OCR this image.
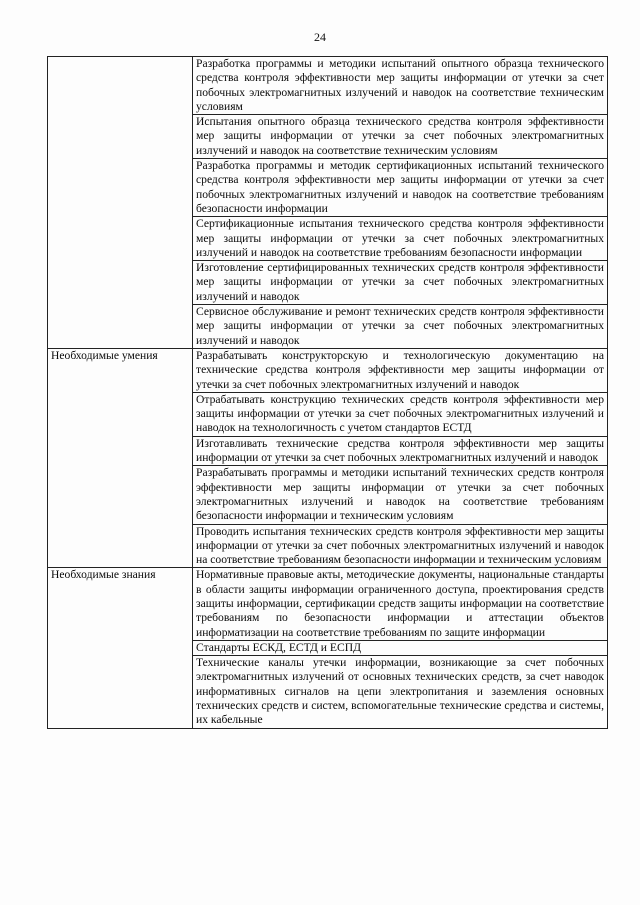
24
	Разработка программы и методики испытаний опытного образца технического средства контроля эффективности мер защиты информации от утечки за счет побочных электромагнитных излучений и наводок на соответствие техническим условиям
	Испытания опытного образца технического средства контроля эффективности мер защиты информации от утечки за счет побочных электромагнитных излучений и наводок на соответствие техническим условиям
	Разработка программы и методик сертификационных испытаний технического средства контроля эффективности мер защиты информации от утечки за счет побочных электромагнитных излучений и наводок на соответствие требованиям безопасности информации
	Сертификационные испытания технического средства контроля эффективности мер защиты информации от утечки за счет побочных электромагнитных излучений и наводок на соответствие требованиям безопасности информации
	Изготовление сертифицированных технических средств контроля эффективности мер защиты информации от утечки за счет побочных электромагнитных излучений и наводок
	Сервисное обслуживание и ремонт технических средств контроля эффективности мер защиты информации от утечки за счет побочных электромагнитных излучений и наводок
Необходимые умения	Разрабатывать конструкторскую и технологическую документацию на технические средства контроля эффективности мер защиты информации от утечки за счет побочных электромагнитных излучений и наводок
	Отрабатывать конструкцию технических средств контроля эффективности мер защиты информации от утечки за счет побочных электромагнитных излучений и наводок на технологичность с учетом стандартов ЕСТД
	Изготавливать технические средства контроля эффективности мер защиты информации от утечки за счет побочных электромагнитных излучений и наводок
	Разрабатывать программы и методики испытаний технических средств контроля эффективности мер защиты информации от утечки за счет побочных электромагнитных излучений и наводок на соответствие требованиям безопасности информации и техническим условиям
	Проводить испытания технических средств контроля эффективности мер защиты информации от утечки за счет побочных электромагнитных излучений и наводок на соответствие требованиям безопасности информации и техническим условиям
Необходимые знания	Нормативные правовые акты, методические документы, национальные стандарты в области защиты информации ограниченного доступа, проектирования средств защиты информации, сертификации средств защиты информации на соответствие требованиям по безопасности информации и аттестации объектов информатизации на соответствие требованиям по защите информации
	Стандарты ЕСКД, ЕСТД и ЕСПД
	Технические каналы утечки информации, возникающие за счет побочных электромагнитных излучений от основных технических средств, за счет наводок информативных сигналов на цепи электропитания и заземления основных технических средств и систем, вспомогательные технические средства и системы, их кабельные
